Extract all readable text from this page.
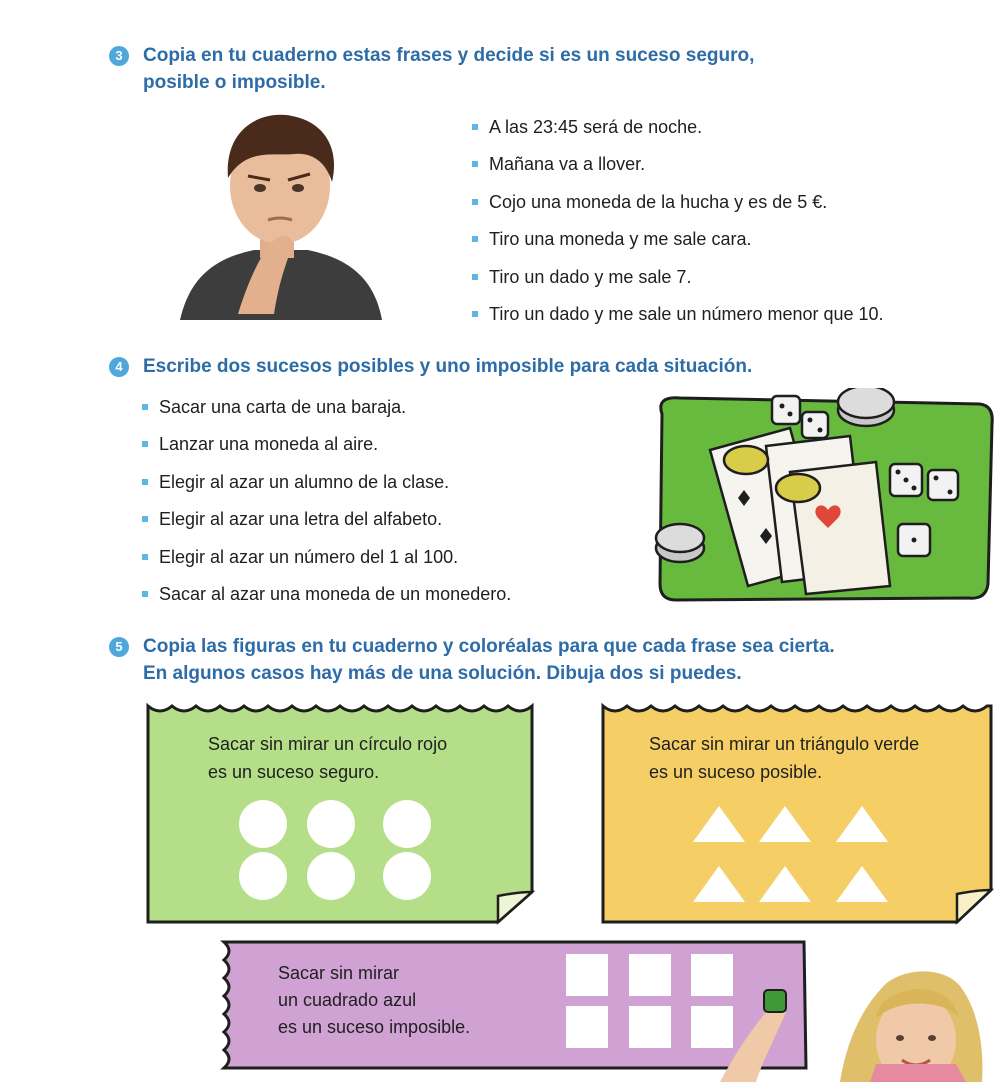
3	Copia en tu cuaderno estas frases y decide si es un suceso seguro,
posible o imposible.
A las 23:45 será de noche.
Mañana va a llover.
Cojo una moneda de la hucha y es de 5 €.
Tiro una moneda y me sale cara.
Tiro un dado y me sale 7.
Tiro un dado y me sale un número menor que 10.
4	Escribe dos sucesos posibles y uno imposible para cada situación.
Sacar una carta de una baraja.
Lanzar una moneda al aire.
Elegir al azar un alumno de la clase.
Elegir al azar una letra del alfabeto.
Elegir al azar un número del 1 al 100.
Sacar al azar una moneda de un monedero.
5	Copia las figuras en tu cuaderno y coloréalas para que cada frase sea cierta.
En algunos casos hay más de una solución. Dibuja dos si puedes.
Sacar sin mirar un círculo rojo
es un suceso seguro.
Sacar sin mirar un triángulo verde
es un suceso posible.
Sacar sin mirar
un cuadrado azul
es un suceso imposible.
